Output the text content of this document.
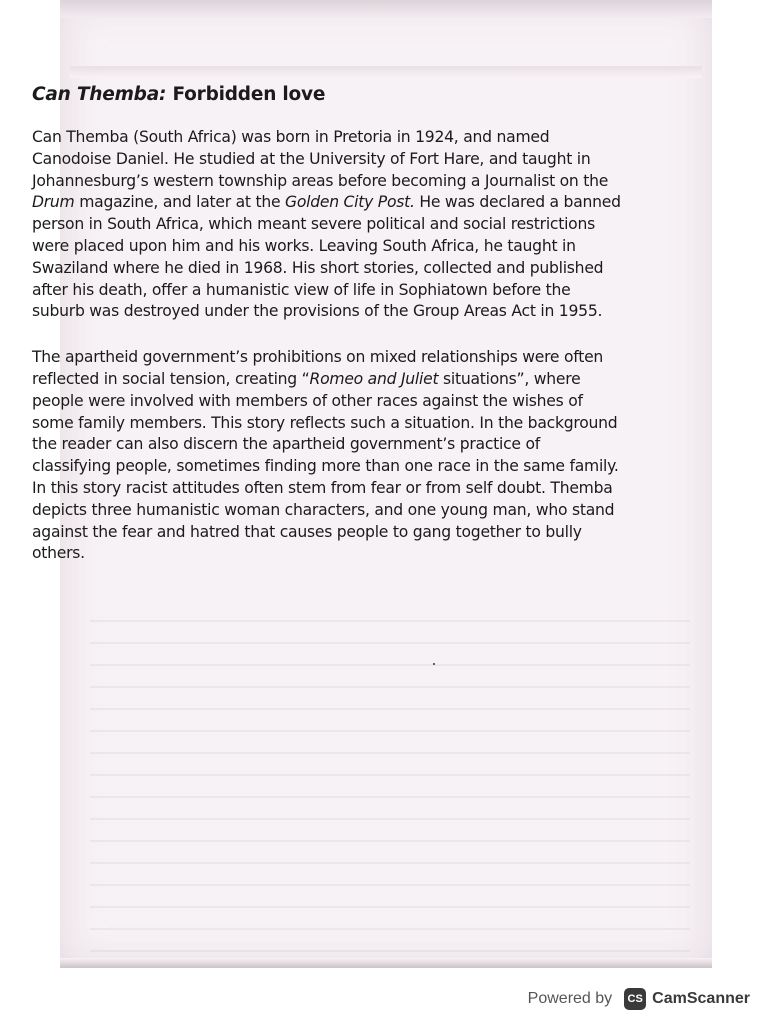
Can Themba: Forbidden love

Can Themba (South Africa) was born in Pretoria in 1924, and named Canodoise Daniel. He studied at the University of Fort Hare, and taught in Johannesburg’s western township areas before becoming a Journalist on the Drum magazine, and later at the Golden City Post. He was declared a banned person in South Africa, which meant severe political and social restrictions were placed upon him and his works. Leaving South Africa, he taught in Swaziland where he died in 1968. His short stories, collected and published after his death, offer a humanistic view of life in Sophiatown before the suburb was destroyed under the provisions of the Group Areas Act in 1955.

The apartheid government’s prohibitions on mixed relationships were often reflected in social tension, creating “Romeo and Juliet situations”, where people were involved with members of other races against the wishes of some family members. This story reflects such a situation. In the background the reader can also discern the apartheid government’s practice of classifying people, sometimes finding more than one race in the same family. In this story racist attitudes often stem from fear or from self doubt. Themba depicts three humanistic woman characters, and one young man, who stand against the fear and hatred that causes people to gang together to bully others.

Powered by	CS CamScanner
